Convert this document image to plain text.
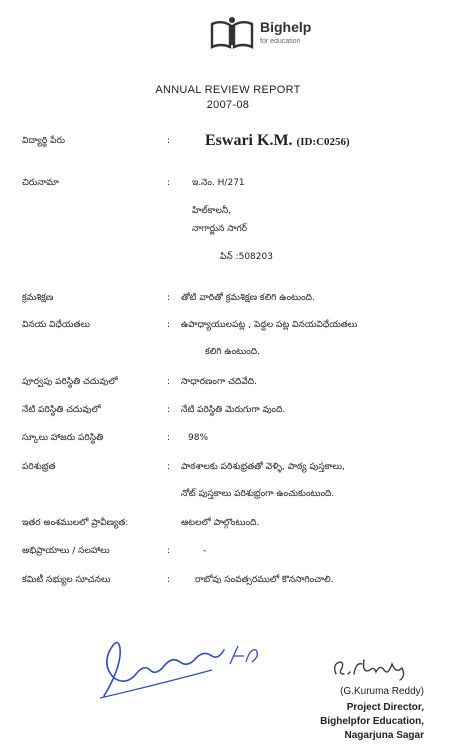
Bighelp
for education
ANNUAL REVIEW REPORT
2007-08
విద్యార్థి పేరు	: Eswari K.M. (ID:C0256)
చిరునామా	: ఇ.నెం. H/271
హిల్‌కాలనీ,
నాగార్జున సాగర్
పిన్ :508203
క్రమశిక్షణ	: తోటి వారితో క్రమశిక్షణ కలిగి ఉంటుంది.
వినయ విధేయతలు	: ఉపాధ్యాయులపట్ల , పెద్దల పట్ల వినయవిధేయతలు
కలిగి ఉంటుంది.
పూర్వపు పరిస్థితి చదువులో	: సాధారణంగా చదివేది.
నేటి పరిస్థితి చదువులో	: నేటి పరిస్థితి మెరుగుగా వుంది.
స్కూలు హాజరు పరిస్థితి	: 98%
పరిశుభ్రత	: పాఠశాలకు పరిశుభ్రతతో వెళ్ళి, పాఠ్య పుస్తకాలు,
నోట్ పుస్తకాలు పరిశుభ్రంగా ఉంచుకుంటుంది.
ఇతర అంశములలో ప్రావీణ్యత:	ఆటలలో పాల్గొంటుంది.
అభిప్రాయాలు / సలహాలు	:	-
కమిటీ సభ్యుల సూచనలు	:	రాబోవు సంవత్సరములో కొనసాగించాలి.
(G.Kuruma Reddy)
Project Director,
Bighelpfor Education,
Nagarjuna Sagar
